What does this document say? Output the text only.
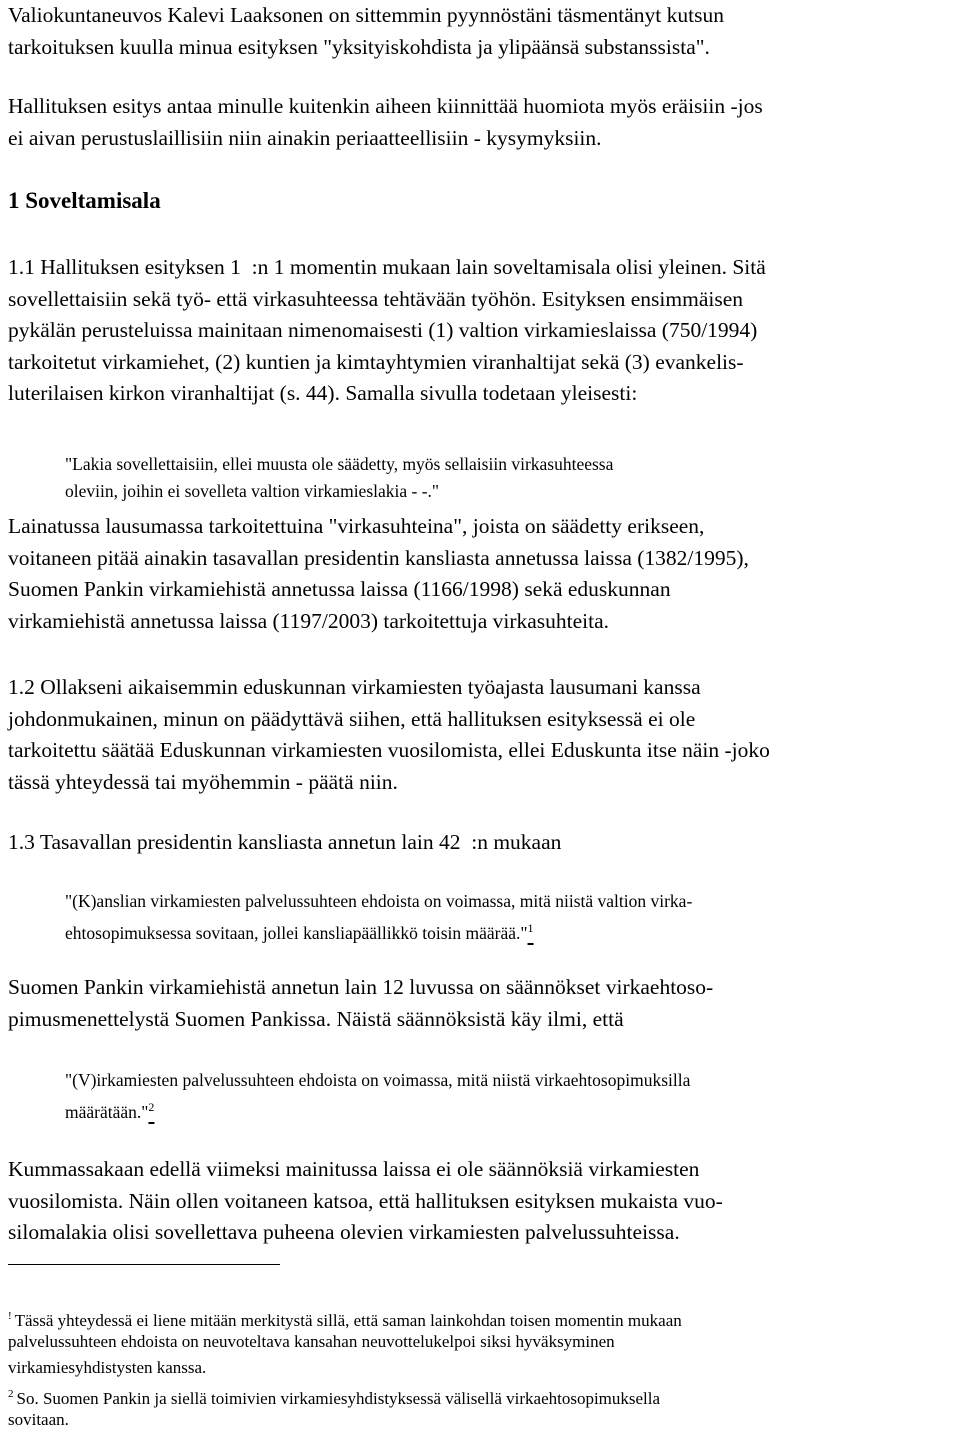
Valiokuntaneuvos Kalevi Laaksonen on sittemmin pyynnöstäni täsmentänyt kutsun
tarkoituksen kuulla minua esityksen "yksityiskohdista ja ylipäänsä substanssista".
Hallituksen esitys antaa minulle kuitenkin aiheen kiinnittää huomiota myös eräisiin -jos
ei aivan perustuslaillisiin niin ainakin periaatteellisiin - kysymyksiin.
1 Soveltamisala
1.1 Hallituksen esityksen 1  :n 1 momentin mukaan lain soveltamisala olisi yleinen. Sitä
sovellettaisiin sekä työ- että virkasuhteessa tehtävään työhön. Esityksen ensimmäisen
pykälän perusteluissa mainitaan nimenomaisesti (1) valtion virkamieslaissa (750/1994)
tarkoitetut virkamiehet, (2) kuntien ja kimtayhtymien viranhaltijat sekä (3) evankelis-
luterilaisen kirkon viranhaltijat (s. 44). Samalla sivulla todetaan yleisesti:
"Lakia sovellettaisiin, ellei muusta ole säädetty, myös sellaisiin virkasuhteessa
oleviin, joihin ei sovelleta valtion virkamieslakia - -."
Lainatussa lausumassa tarkoitettuina "virkasuhteina", joista on säädetty erikseen,
voitaneen pitää ainakin tasavallan presidentin kansliasta annetussa laissa (1382/1995),
Suomen Pankin virkamiehistä annetussa laissa (1166/1998) sekä eduskunnan
virkamiehistä annetussa laissa (1197/2003) tarkoitettuja virkasuhteita.
1.2 Ollakseni aikaisemmin eduskunnan virkamiesten työajasta lausumani kanssa
johdonmukainen, minun on päädyttävä siihen, että hallituksen esityksessä ei ole
tarkoitettu säätää Eduskunnan virkamiesten vuosilomista, ellei Eduskunta itse näin -joko
tässä yhteydessä tai myöhemmin - päätä niin.
1.3 Tasavallan presidentin kansliasta annetun lain 42  :n mukaan
"(K)anslian virkamiesten palvelussuhteen ehdoista on voimassa, mitä niistä valtion virka-
ehtosopimuksessa sovitaan, jollei kansliapäällikkö toisin määrää."$^1$
Suomen Pankin virkamiehistä annetun lain 12 luvussa on säännökset virkaehtoso-
pimusmenettelystä Suomen Pankissa. Näistä säännöksistä käy ilmi, että
"(V)irkamiesten palvelussuhteen ehdoista on voimassa, mitä niistä virkaehtosopimuksilla
määrätään."$^2$
Kummassakaan edellä viimeksi mainitussa laissa ei ole säännöksiä virkamiesten
vuosilomista. Näin ollen voitaneen katsoa, että hallituksen esityksen mukaista vuo-
silomalakia olisi sovellettava puheena olevien virkamiesten palvelussuhteissa.
! Tässä yhteydessä ei liene mitään merkitystä sillä, että saman lainkohdan toisen momentin mukaan
palvelussuhteen ehdoista on neuvoteltava kansahan neuvottelukelpoi siksi hyväksyminen
virkamiesyhdistysten kanssa.
$^2$ So. Suomen Pankin ja siellä toimivien virkamiesyhdistyksessä välisellä virkaehtosopimuksella
sovitaan.
